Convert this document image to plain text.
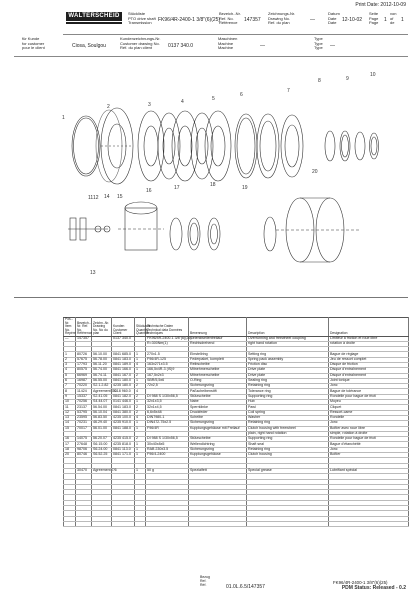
Print Date: 2012-10-09
WALTERSCHEID	Stückliste
PTO drive shaft
Transmission	FK96/4R-2400-1 3/8"(6)(25)
Bezeich.-Nr.
Ref. No.
Référence	147357
Zeichnungs-Nr.
Drawing No.
Ref. du plan	—
Datum
Date
Date	12-10-02
Seite
Page
Page 1
von
of
de	1
für Kunde
for customer
pour le client	Ciosa, Soulgou
Kundenzeichnungs-Nr.
Customer drawing No.
Réf. du plan client	0137 340.0
Maschinen
Machine
Machine	—
Type
Type
Type —
1
2	3	4	5
6
7
8	9
10
11 12
13
14 15
16	17	18	19
20
Pos.-Nr. Item No. Repère	Bezeich.-Nr. Ref. No. Référence	Zeichn.-Nr. Drawing No. No du plan	Kunden Customer Client	Stückzahl Quantity Quantité	Technische Daten Technical data Données techniques	Benennung	Description	Designation
—	147357		0137 340.0		FK96/4R-2400-1 3/8"(6)(25)	Gelenkwellenfreilauf	Overrunning and freewheel coupling	Limiteur à friction et roue libre
					R=300Nm(1)	Rechtsdrehend	right hand rotation	rotation à droite

1	80726	56.10.00	0841 685.0	1	270x1.5	Einstellring	Setting ring	Bague de réglage
2	57675	56.78.00	0841 183.0	1	F96/4R-125	Federpaket, komplett	Spring pack assembly	Jeu de ressort complet
3	17793	56.11.20	0841 189.0	4	163x271x3.5	Reibscheibe	Friction disc	Disque de friction
4	80575	56.74.00	0841 166.0	1	166,5x4R-3 (IS)9	Mitnehmerscheibe	Drive plate	Disque d'entraînement
5	66969	56.74.11	0841 167.0	2	167,5x2x3	Mitnehmerscheibe	Drive plate	Disque d'entraînement
6	16987	56.55.00	0841 180.0	1	SBR/5,5x6	O-Ring	Sealing ring	Joint torique
7	70220	S2.1.2.82	4235 180.0	2	72x2,5	Sicherungsring	Retaining ring	Jonc
8	11424	Agreement 7/2	0118 960.0	4		Paßscheibenstift	Tolerance ring	Bague de tolérance
9	15337	S2.41.05	0841 182.0	2	DI 988 S 1/30x56,5	Stützscheibe	Supporting ring	Rondelle pour bague de fricti
10	70256	S4.44.07	0141 446.0	1	32x1x3,5	Nabe	Hub	Moyeu
11	23137	56.54.00	0841 183.0	2	32x1x4,5	Sperrklinke	Pawl	Cliquet
12	53795	56.10.04	0841 380.0	2	6,6x5x48	Druckfeder	Coil spring	Ressort-came
13	23595	56.83.50	4235 100.0	4	DIN7980-1	Scheibe	Washer	Rondelle
14	70231	46.29.40	4235 910.0	1	DIN472-75x2.5	Sicherungsring	Retaining ring	Jonc
15	70017	56.01.00	0841 188.0	1	F96/4R	Kupplungsgehäuse mit Freilauf	Clutch housing with freewheel	Boîtier avec roue libre
							plain, right hand rotation	simple, rotation à droite
16	14075	56.20.07	4235 415.0	2	DI 988 S 1/30x56,5	Stützscheibe	Supporting ring	Rondelle pour bague de fricti
17	27648	S6.15.00	4235 818.0	1	30x40x8x5	Wellendichtring	Shaft seal	Bague d'étanchéité
18	98706	S6.24.00	0841 113.0	1	RAB 230x3.5	Sicherungsring	Retaining ring	Jonc
20	80746	S6.52.25	0841 171.0	1	F96/4-2400	Kupplungsgehäuse	Clutch housing	Boîtier

	30470	Agreement 7/6		1	50 g	Spezialfett	Special grease	Lubrifiant spécial

Bezug
Ref.
Réf.	01.0L.6.5/147357
FK96/4R-2400-1 3/8"(6)(25)
PDM Status: Released - 0.2
